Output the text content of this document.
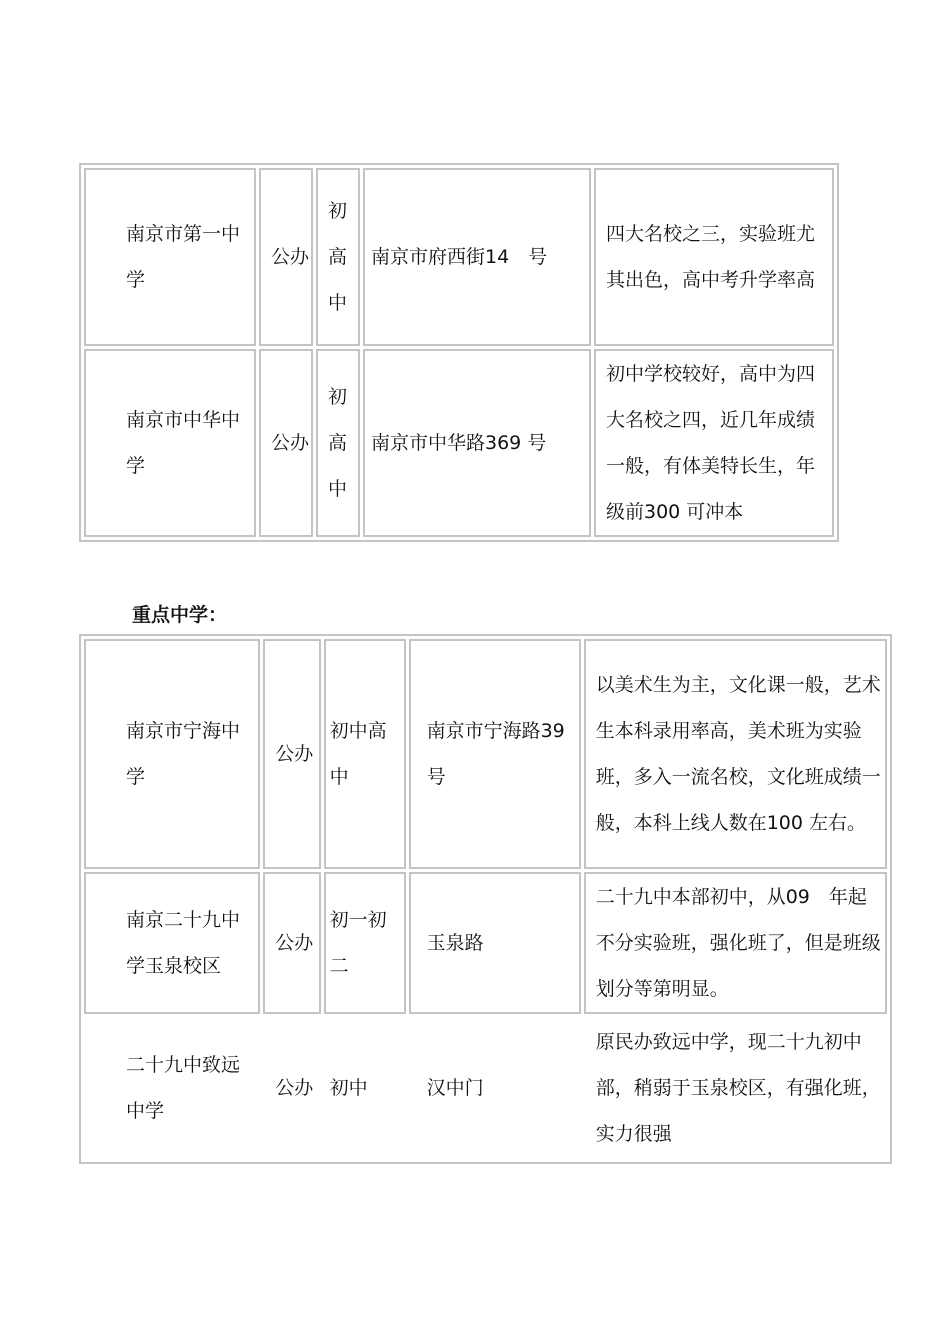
南京市第一中学	公办	初高中	南京市府西街14　号	四大名校之三，实验班尤其出色，高中考升学率高
南京市中华中学	公办	初高中	南京市中华路369 号	初中学校较好，高中为四大名校之四，近几年成绩一般，有体美特长生，年级前300 可冲本
重点中学：
南京市宁海中学	公办	初中高中	南京市宁海路39号	以美术生为主，文化课一般，艺术生本科录用率高，美术班为实验班，多入一流名校，文化班成绩一般，本科上线人数在100 左右。
南京二十九中学玉泉校区	公办	初一初二	玉泉路	二十九中本部初中，从09　年起不分实验班，强化班了，但是班级划分等第明显。
二十九中致远中学	公办	初中	汉中门	原民办致远中学，现二十九初中部，稍弱于玉泉校区，有强化班，实力很强
